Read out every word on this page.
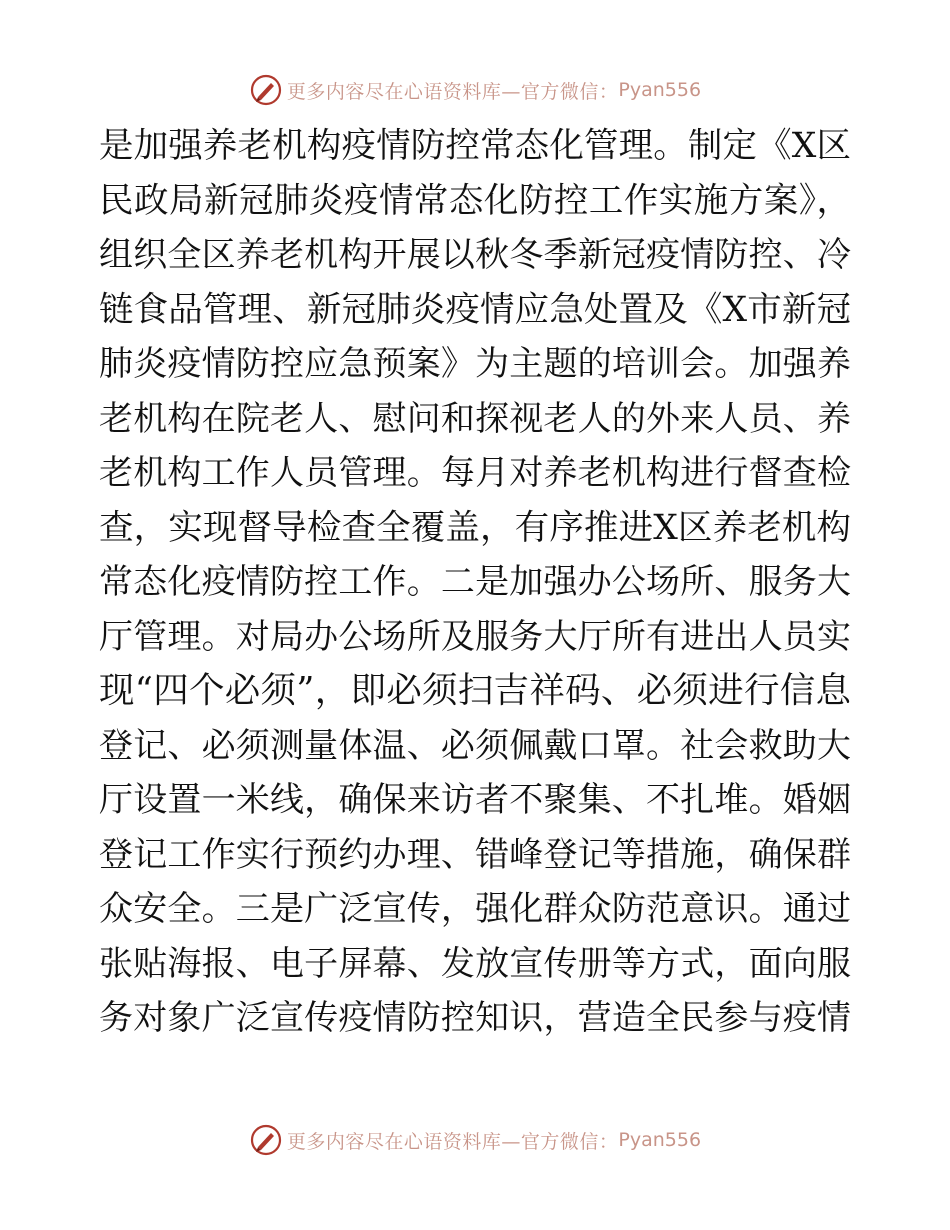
更多内容尽在心语资料库—官方微信： Pyan556
是加强养老机构疫情防控常态化管理。制定《X区
民政局新冠肺炎疫情常态化防控工作实施方案》，
组织全区养老机构开展以秋冬季新冠疫情防控、冷
链食品管理、新冠肺炎疫情应急处置及《X市新冠
肺炎疫情防控应急预案》为主题的培训会。加强养
老机构在院老人、慰问和探视老人的外来人员、养
老机构工作人员管理。每月对养老机构进行督查检
查，实现督导检查全覆盖，有序推进X区养老机构
常态化疫情防控工作。二是加强办公场所、服务大
厅管理。对局办公场所及服务大厅所有进出人员实
现“四个必须”，即必须扫吉祥码、必须进行信息
登记、必须测量体温、必须佩戴口罩。社会救助大
厅设置一米线，确保来访者不聚集、不扎堆。婚姻
登记工作实行预约办理、错峰登记等措施，确保群
众安全。三是广泛宣传，强化群众防范意识。通过
张贴海报、电子屏幕、发放宣传册等方式，面向服
务对象广泛宣传疫情防控知识，营造全民参与疫情
更多内容尽在心语资料库—官方微信： Pyan556
